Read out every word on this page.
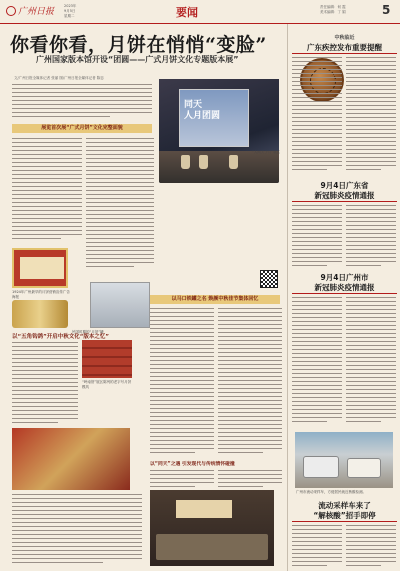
广州日报
2023年
9月5日
星期二	要闻	责任编辑：何 霞
美术编辑：丁 娟	5
你看你看，月饼在悄悄“变脸”
广州国家版本馆开设“团圆——广式月饼文化专题版本展”
文/广州日报全媒体记者 张丽 图/广州日报全媒体记者 陈忠
展览首次展“广式月饼”文化完整面貌
同天
人月团圆
“人间天子月”展区
1924年广州最早的月饼营销宣传广告海报
民国时期的“月饼”罐
以“五角钩鸽”开启中秋文化“版本之忆”
“岭南馆”展区陈列的老字号月饼模具
以马口铁罐之名 焕颜中秋佳节集体回忆
以“同天”之遇 引发现代与传统情怀碰撞
中秋临近
广东疾控发布重要提醒
9月4日广东省
新冠肺炎疫情通报
9月4日广州市
新冠肺炎疫情通报
广州市流动采样车，方便居民就近核酸检测。
流动采样车来了
“解核酸”招手即停
